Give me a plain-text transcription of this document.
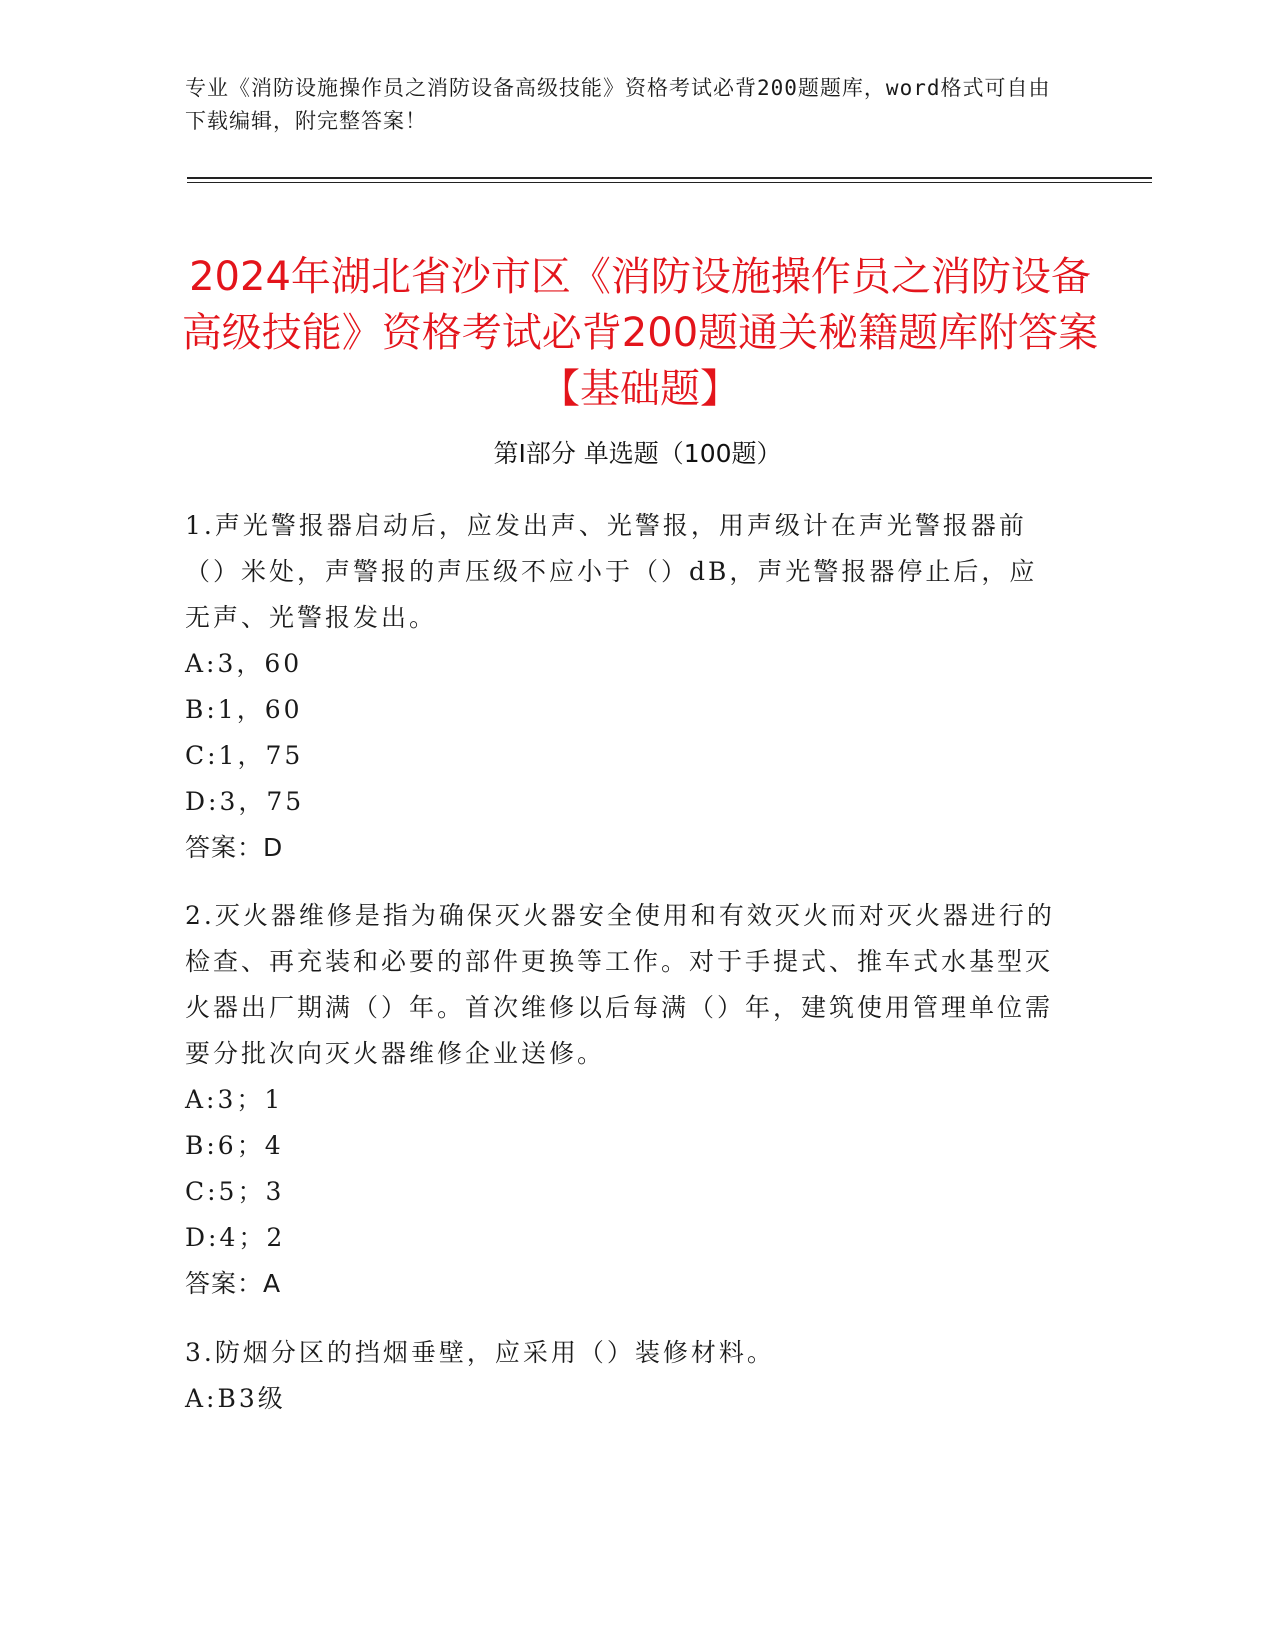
专业《消防设施操作员之消防设备高级技能》资格考试必背200题题库，word格式可自由下载编辑，附完整答案！
2024年湖北省沙市区《消防设施操作员之消防设备高级技能》资格考试必背200题通关秘籍题库附答案【基础题】
第Ⅰ部分 单选题（100题）

1.声光警报器启动后，应发出声、光警报，用声级计在声光警报器前（）米处，声警报的声压级不应小于（）dB，声光警报器停止后，应无声、光警报发出。

A:3，60

B:1，60

C:1，75

D:3，75

答案：D

2.灭火器维修是指为确保灭火器安全使用和有效灭火而对灭火器进行的检查、再充装和必要的部件更换等工作。对于手提式、推车式水基型灭火器出厂期满（）年。首次维修以后每满（）年，建筑使用管理单位需要分批次向灭火器维修企业送修。

A:3；1

B:6；4

C:5；3

D:4；2

答案：A

3.防烟分区的挡烟垂壁，应采用（）装修材料。

A:B3级
